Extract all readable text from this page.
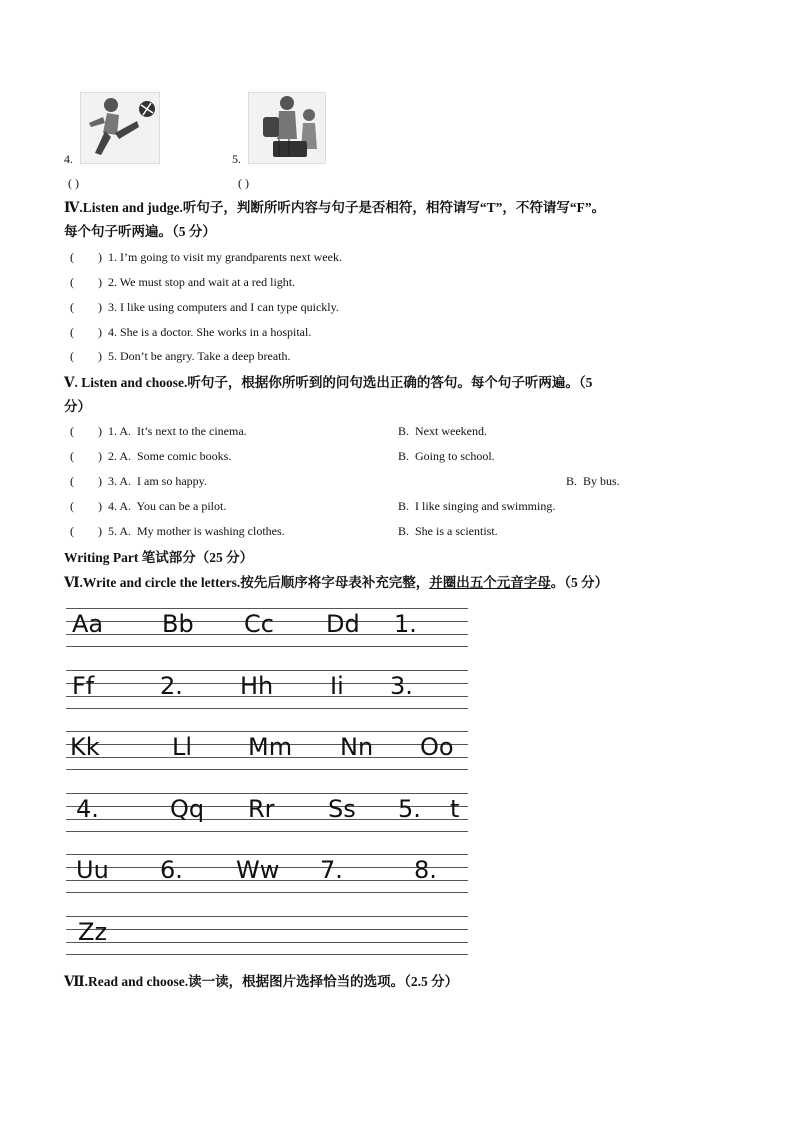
4.
( )
5.
( )
Ⅳ.Listen and judge.听句子，判断所听内容与句子是否相符，相符请写“T”，不符请写“F”。
每个句子听两遍。（5 分）
(        ) 1. I’m going to visit my grandparents next week.
(        ) 2. We must stop and wait at a red light.
(        ) 3. I like using computers and I can type quickly.
(        ) 4. She is a doctor. She works in a hospital.
(        ) 5. Don’t be angry. Take a deep breath.
Ⅴ. Listen and choose.听句子，根据你所听到的问句选出正确的答句。每个句子听两遍。（5
分）
(        ) 1. A.  It’s next to the cinema.	B.  Next weekend.
(        ) 2. A.  Some comic books.	B.  Going to school.
(        ) 3. A.  I am so happy.	B.  By bus.
(        ) 4. A.  You can be a pilot.	B.  I like singing and swimming.
(        ) 5. A.  My mother is washing clothes.	B.  She is a scientist.
Writing Part 笔试部分（25 分）
Ⅵ.Write and circle the letters.按先后顺序将字母表补充完整，并圈出五个元音字母。（5 分）
Aa Bb Cc Dd 1.
Ff	2. Hh Ii 3.
Kk	Ll Mm Nn Oo
4.	Qq Rr Ss 5. t
Uu 6. Ww 7.	8.
Zz
Ⅶ.Read and choose.读一读，根据图片选择恰当的选项。（2.5 分）
